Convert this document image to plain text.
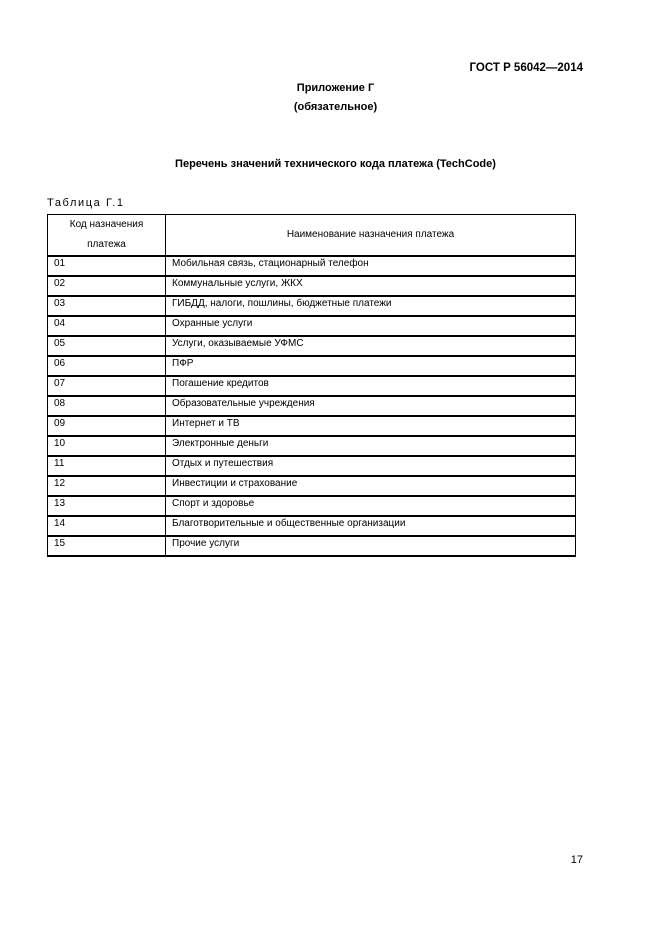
ГОСТ Р 56042—2014
Приложение Г
(обязательное)
Перечень значений технического кода платежа (TechCode)
Таблица Г.1
Код назначения платежа	Наименование назначения платежа
01	Мобильная связь, стационарный телефон
02	Коммунальные услуги, ЖКХ
03	ГИБДД, налоги, пошлины, бюджетные платежи
04	Охранные услуги
05	Услуги, оказываемые УФМС
06	ПФР
07	Погашение кредитов
08	Образовательные учреждения
09	Интернет и ТВ
10	Электронные деньги
11	Отдых и путешествия
12	Инвестиции и страхование
13	Спорт и здоровье
14	Благотворительные и общественные организации
15	Прочие услуги
17
